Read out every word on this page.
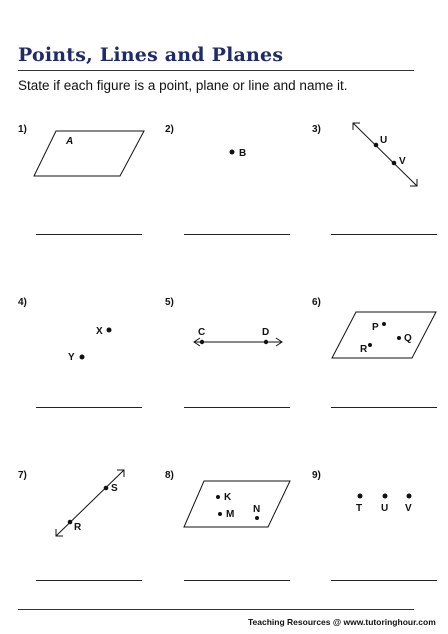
Points, Lines and Planes
State if each figure is a point, plane or line and name it.
1)
A
2)
B
3)
U
V
4)
X
Y
5)
C	D
6)
P
Q
R
7)
S
R
8)
K
M N
9)
T U V
Teaching Resources @ www.tutoringhour.com
